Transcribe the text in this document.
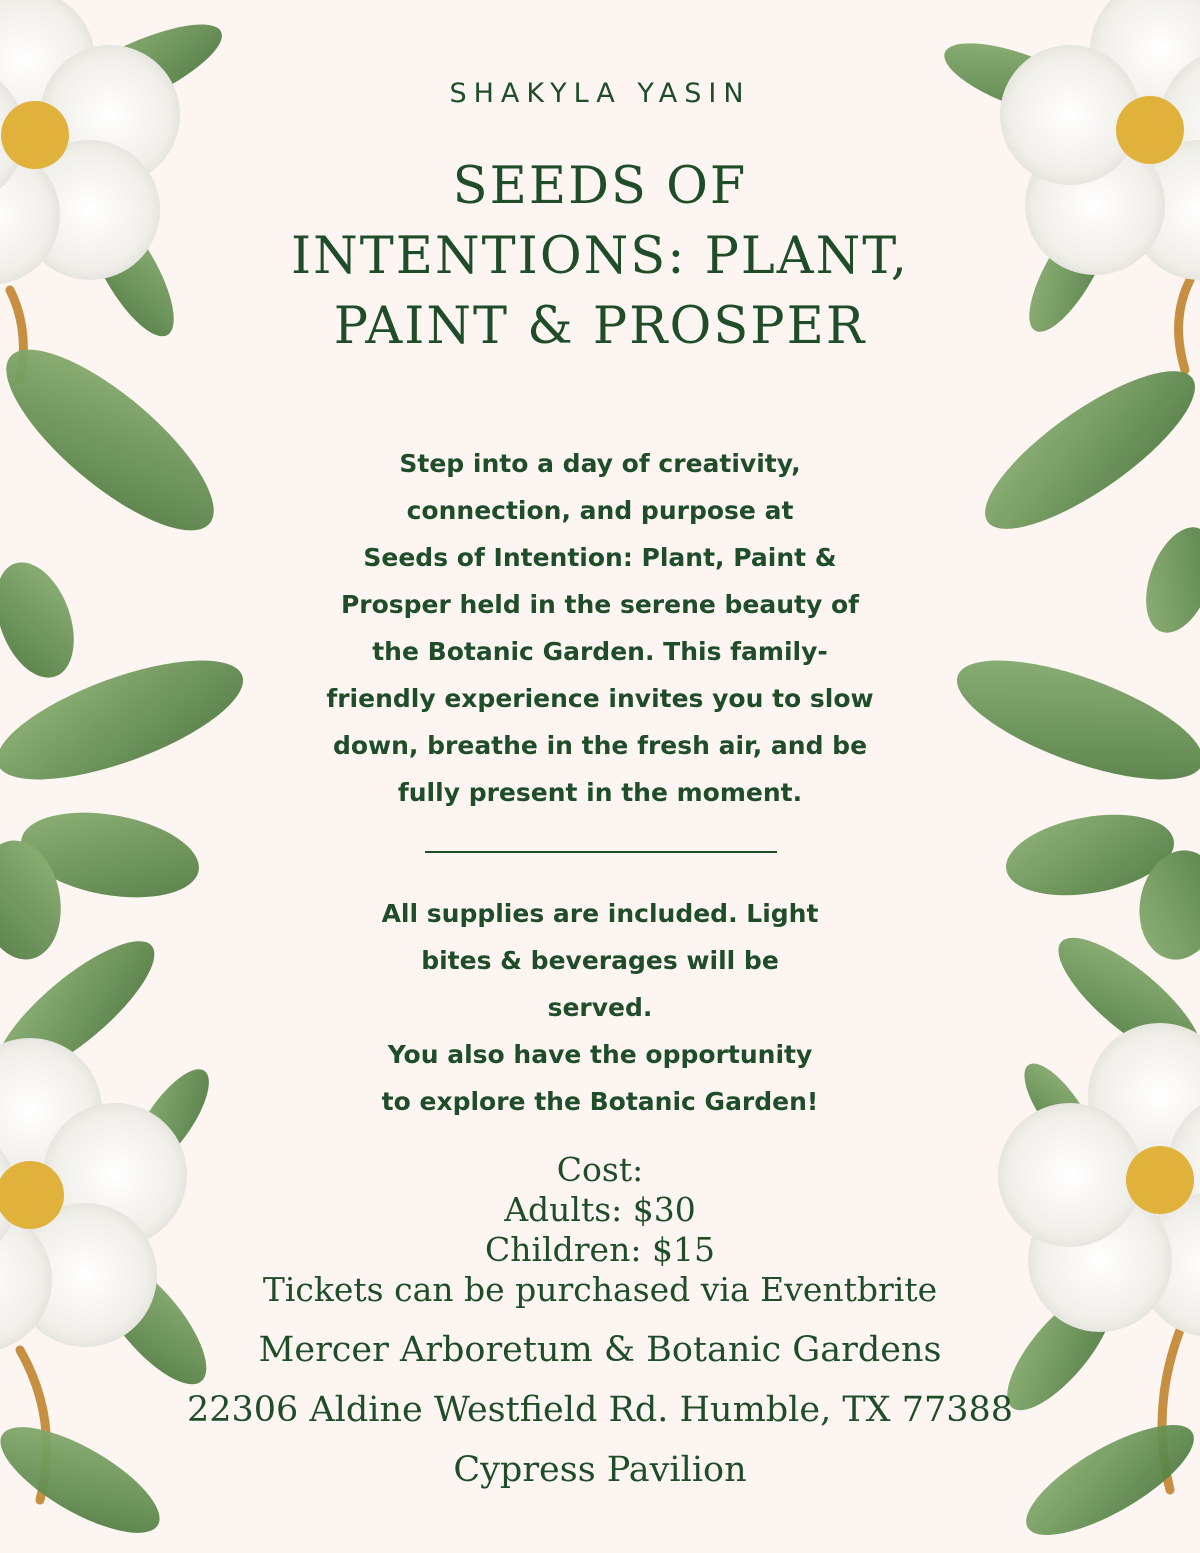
SHAKYLA YASIN
SEEDS OF
INTENTIONS: PLANT,
PAINT & PROSPER
Step into a day of creativity,
connection, and purpose at
Seeds of Intention: Plant, Paint &
Prosper held in the serene beauty of
the Botanic Garden. This family-
friendly experience invites you to slow
down, breathe in the fresh air, and be
fully present in the moment.
All supplies are included. Light
bites & beverages will be
served.
You also have the opportunity
to explore the Botanic Garden!
Cost:
Adults: $30
Children: $15
Tickets can be purchased via Eventbrite
Mercer Arboretum & Botanic Gardens
22306 Aldine Westfield Rd. Humble, TX 77388
Cypress Pavilion
